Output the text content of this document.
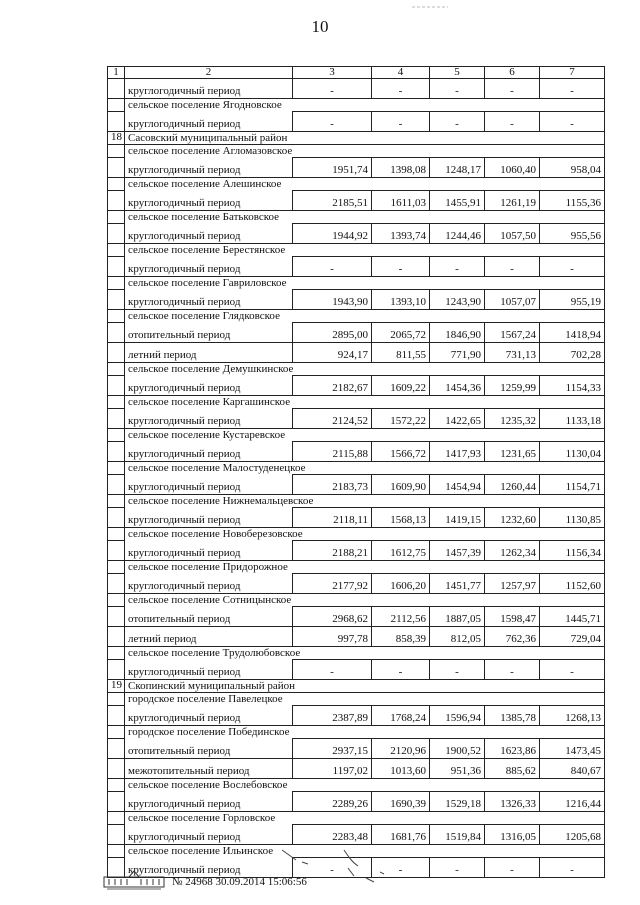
10
1	2	3	4	5	6	7
	круглогодичный период	-	-	-	-	-
	сельское поселение Ягодновское					
	круглогодичный период	-	-	-	-	-
18	Сасовский муниципальный район					
	сельское поселение Агломазовское					
	круглогодичный период	1951,74	1398,08	1248,17	1060,40	958,04
	сельское поселение Алешинское					
	круглогодичный период	2185,51	1611,03	1455,91	1261,19	1155,36
	сельское поселение Батьковское					
	круглогодичный период	1944,92	1393,74	1244,46	1057,50	955,56
	сельское поселение Берестянское					
	круглогодичный период	-	-	-	-	-
	сельское поселение Гавриловское					
	круглогодичный период	1943,90	1393,10	1243,90	1057,07	955,19
	сельское поселение Глядковское					
	отопительный период	2895,00	2065,72	1846,90	1567,24	1418,94
	летний период	924,17	811,55	771,90	731,13	702,28
	сельское поселение Демушкинское					
	круглогодичный период	2182,67	1609,22	1454,36	1259,99	1154,33
	сельское поселение Каргашинское					
	круглогодичный период	2124,52	1572,22	1422,65	1235,32	1133,18
	сельское поселение Кустаревское					
	круглогодичный период	2115,88	1566,72	1417,93	1231,65	1130,04
	сельское поселение Малостуденецкое					
	круглогодичный период	2183,73	1609,90	1454,94	1260,44	1154,71
	сельское поселение Нижнемальцевское					
	круглогодичный период	2118,11	1568,13	1419,15	1232,60	1130,85
	сельское поселение Новоберезовское					
	круглогодичный период	2188,21	1612,75	1457,39	1262,34	1156,34
	сельское поселение Придорожное					
	круглогодичный период	2177,92	1606,20	1451,77	1257,97	1152,60
	сельское поселение Сотницынское					
	отопительный период	2968,62	2112,56	1887,05	1598,47	1445,71
	летний период	997,78	858,39	812,05	762,36	729,04
	сельское поселение Трудолюбовское					
	круглогодичный период	-	-	-	-	-
19	Скопинский муниципальный район					
	городское поселение Павелецкое					
	круглогодичный период	2387,89	1768,24	1596,94	1385,78	1268,13
	городское поселение Побединское					
	отопительный период	2937,15	2120,96	1900,52	1623,86	1473,45
	межотопительный период	1197,02	1013,60	951,36	885,62	840,67
	сельское поселение Вослебовское					
	круглогодичный период	2289,26	1690,39	1529,18	1326,33	1216,44
	сельское поселение Горловское					
	круглогодичный период	2283,48	1681,76	1519,84	1316,05	1205,68
	сельское поселение Ильинское					
	круглогодичный период	-	-	-	-	-
№ 24968 30.09.2014 15:06:56
